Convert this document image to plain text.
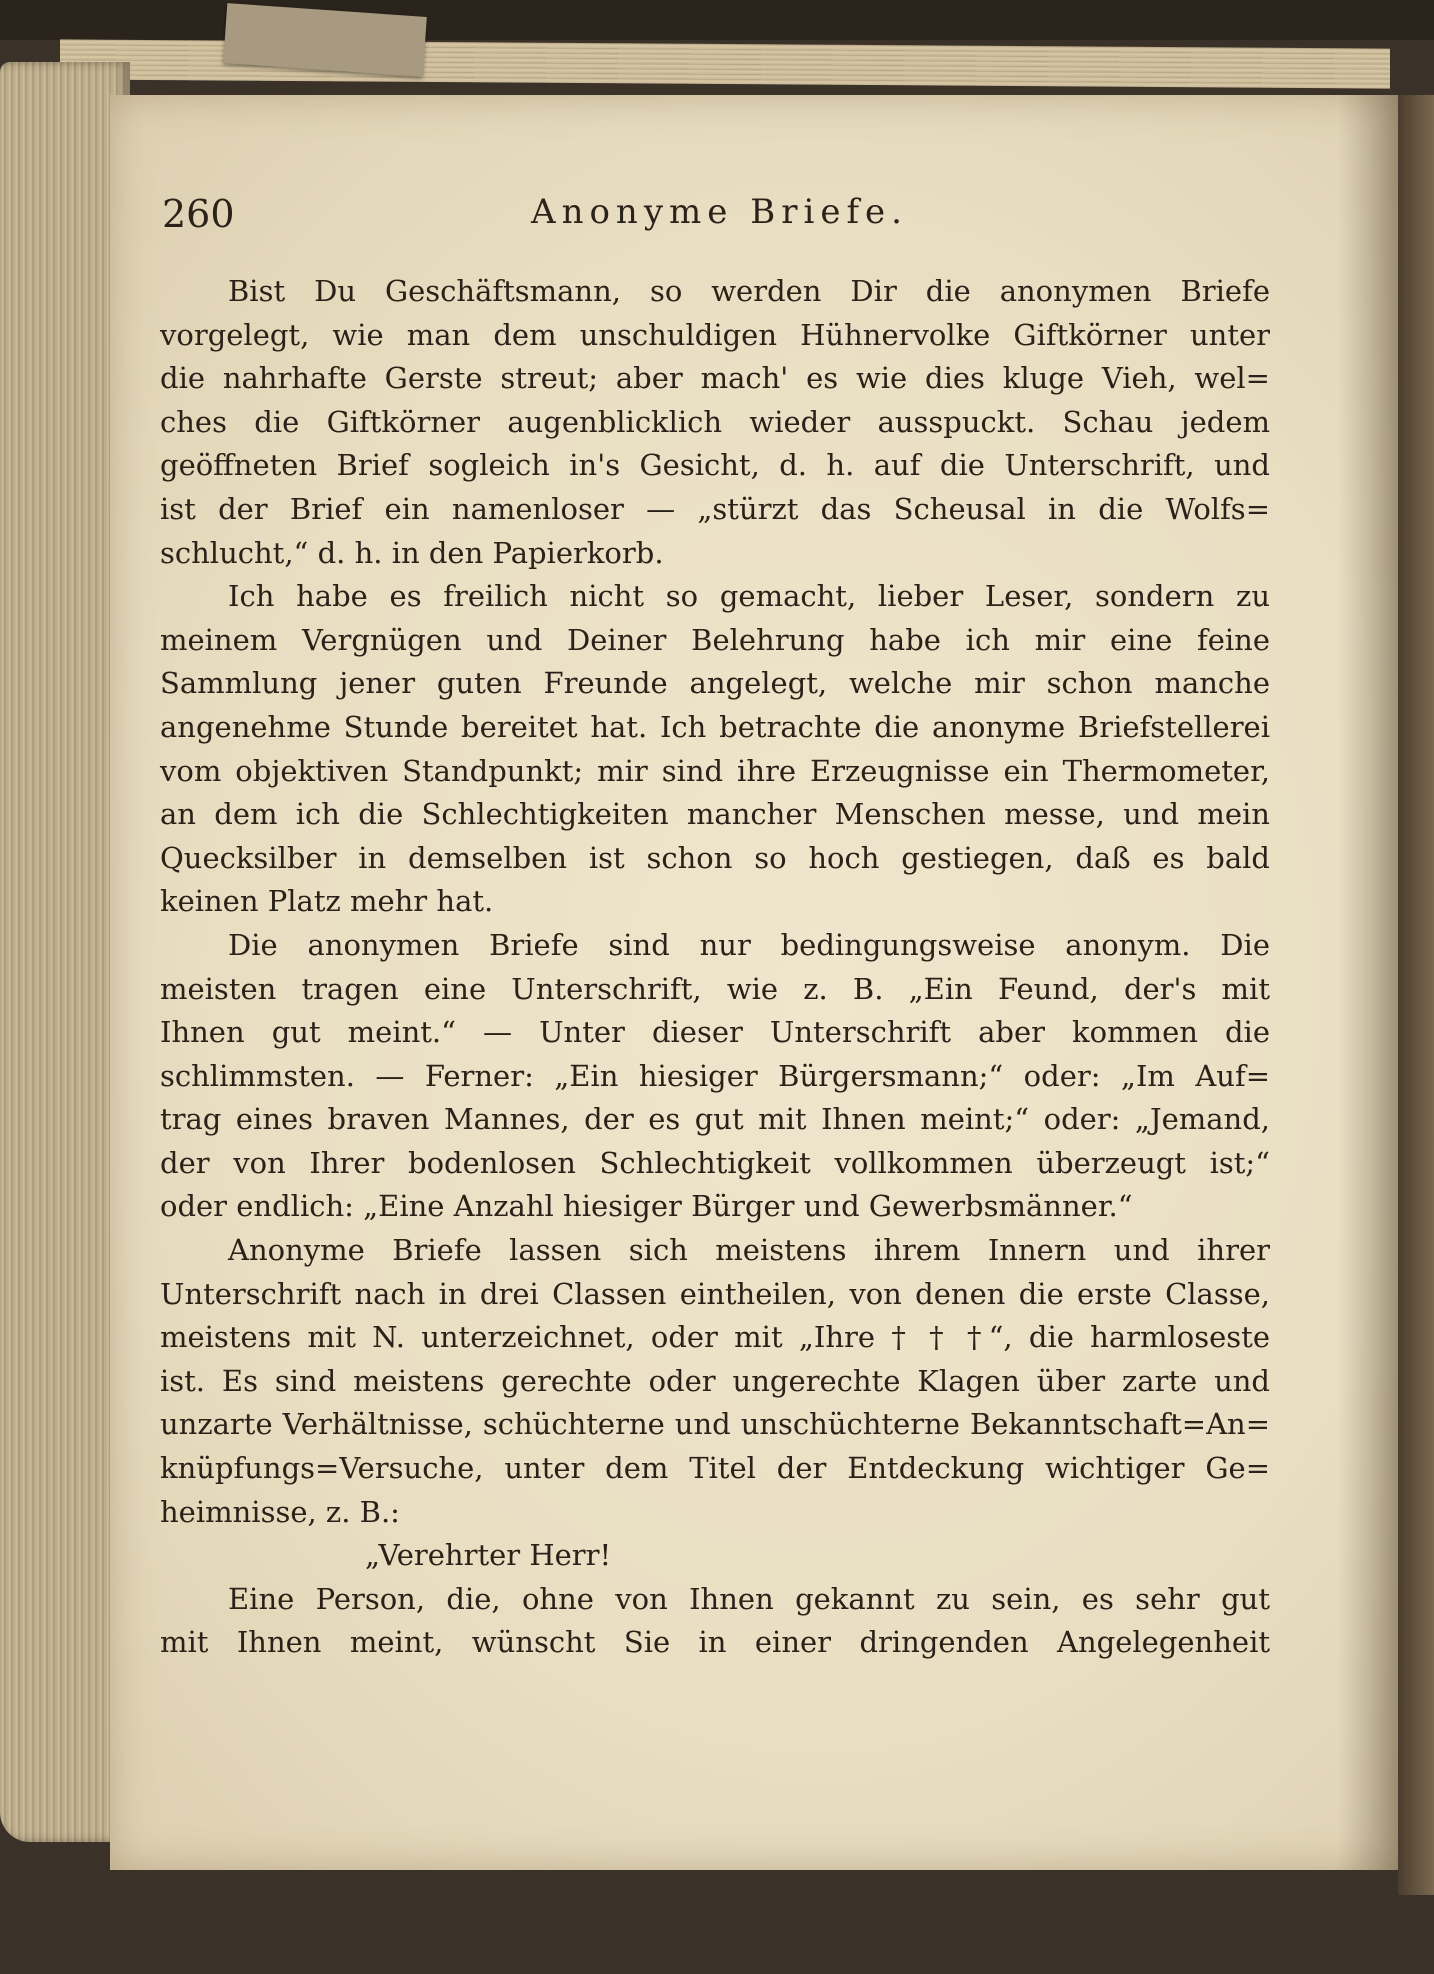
260	Anonyme Briefe.
Bist Du Geschäftsmann, so werden Dir die anonymen Briefe
vorgelegt, wie man dem unschuldigen Hühnervolke Giftkörner unter
die nahrhafte Gerste streut; aber mach' es wie dies kluge Vieh, wel=
ches die Giftkörner augenblicklich wieder ausspuckt. Schau jedem
geöffneten Brief sogleich in's Gesicht, d. h. auf die Unterschrift, und
ist der Brief ein namenloser — „stürzt das Scheusal in die Wolfs=
schlucht,“ d. h. in den Papierkorb.
Ich habe es freilich nicht so gemacht, lieber Leser, sondern zu
meinem Vergnügen und Deiner Belehrung habe ich mir eine feine
Sammlung jener guten Freunde angelegt, welche mir schon manche
angenehme Stunde bereitet hat. Ich betrachte die anonyme Briefstellerei
vom objektiven Standpunkt; mir sind ihre Erzeugnisse ein Thermometer,
an dem ich die Schlechtigkeiten mancher Menschen messe, und mein
Quecksilber in demselben ist schon so hoch gestiegen, daß es bald
keinen Platz mehr hat.
Die anonymen Briefe sind nur bedingungsweise anonym. Die
meisten tragen eine Unterschrift, wie z. B. „Ein Feund, der's mit
Ihnen gut meint.“ — Unter dieser Unterschrift aber kommen die
schlimmsten. — Ferner: „Ein hiesiger Bürgersmann;“ oder: „Im Auf=
trag eines braven Mannes, der es gut mit Ihnen meint;“ oder: „Jemand,
der von Ihrer bodenlosen Schlechtigkeit vollkommen überzeugt ist;“
oder endlich: „Eine Anzahl hiesiger Bürger und Gewerbsmänner.“
Anonyme Briefe lassen sich meistens ihrem Innern und ihrer
Unterschrift nach in drei Classen eintheilen, von denen die erste Classe,
meistens mit N. unterzeichnet, oder mit „Ihre † † †“, die harmloseste
ist. Es sind meistens gerechte oder ungerechte Klagen über zarte und
unzarte Verhältnisse, schüchterne und unschüchterne Bekanntschaft=An=
knüpfungs=Versuche, unter dem Titel der Entdeckung wichtiger Ge=
heimnisse, z. B.:
„Verehrter Herr!
Eine Person, die, ohne von Ihnen gekannt zu sein, es sehr gut
mit Ihnen meint, wünscht Sie in einer dringenden Angelegenheit
